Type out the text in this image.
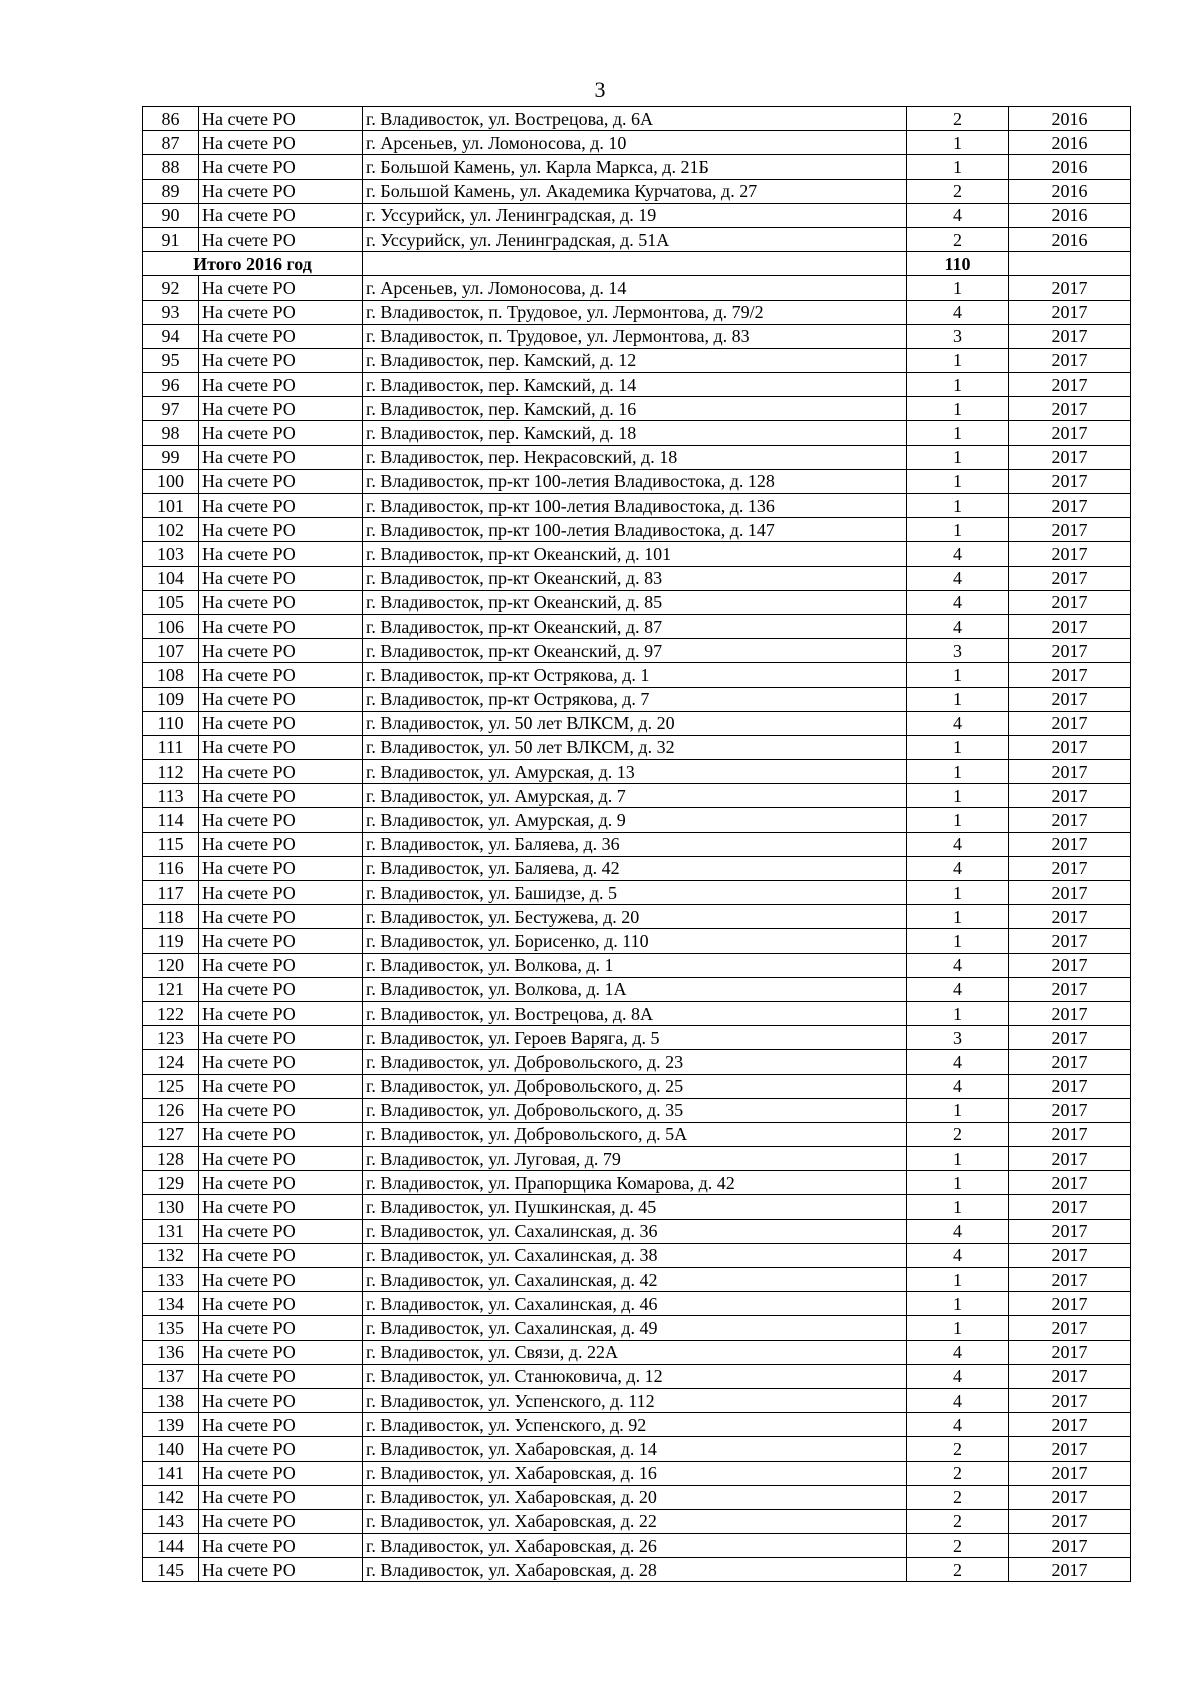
3
86	На счете РО	г. Владивосток, ул. Вострецова, д. 6А	2	2016
87	На счете РО	г. Арсеньев, ул. Ломоносова, д. 10	1	2016
88	На счете РО	г. Большой Камень, ул. Карла Маркса, д. 21Б	1	2016
89	На счете РО	г. Большой Камень, ул. Академика Курчатова, д. 27	2	2016
90	На счете РО	г. Уссурийск, ул. Ленинградская, д. 19	4	2016
91	На счете РО	г. Уссурийск, ул. Ленинградская, д. 51А	2	2016
Итого 2016 год			110	
92	На счете РО	г. Арсеньев, ул. Ломоносова, д. 14	1	2017
93	На счете РО	г. Владивосток, п. Трудовое, ул. Лермонтова, д. 79/2	4	2017
94	На счете РО	г. Владивосток, п. Трудовое, ул. Лермонтова, д. 83	3	2017
95	На счете РО	г. Владивосток, пер. Камский, д. 12	1	2017
96	На счете РО	г. Владивосток, пер. Камский, д. 14	1	2017
97	На счете РО	г. Владивосток, пер. Камский, д. 16	1	2017
98	На счете РО	г. Владивосток, пер. Камский, д. 18	1	2017
99	На счете РО	г. Владивосток, пер. Некрасовский, д. 18	1	2017
100	На счете РО	г. Владивосток, пр-кт 100-летия Владивостока, д. 128	1	2017
101	На счете РО	г. Владивосток, пр-кт 100-летия Владивостока, д. 136	1	2017
102	На счете РО	г. Владивосток, пр-кт 100-летия Владивостока, д. 147	1	2017
103	На счете РО	г. Владивосток, пр-кт Океанский, д. 101	4	2017
104	На счете РО	г. Владивосток, пр-кт Океанский, д. 83	4	2017
105	На счете РО	г. Владивосток, пр-кт Океанский, д. 85	4	2017
106	На счете РО	г. Владивосток, пр-кт Океанский, д. 87	4	2017
107	На счете РО	г. Владивосток, пр-кт Океанский, д. 97	3	2017
108	На счете РО	г. Владивосток, пр-кт Острякова, д. 1	1	2017
109	На счете РО	г. Владивосток, пр-кт Острякова, д. 7	1	2017
110	На счете РО	г. Владивосток, ул. 50 лет ВЛКСМ, д. 20	4	2017
111	На счете РО	г. Владивосток, ул. 50 лет ВЛКСМ, д. 32	1	2017
112	На счете РО	г. Владивосток, ул. Амурская, д. 13	1	2017
113	На счете РО	г. Владивосток, ул. Амурская, д. 7	1	2017
114	На счете РО	г. Владивосток, ул. Амурская, д. 9	1	2017
115	На счете РО	г. Владивосток, ул. Баляева, д. 36	4	2017
116	На счете РО	г. Владивосток, ул. Баляева, д. 42	4	2017
117	На счете РО	г. Владивосток, ул. Башидзе, д. 5	1	2017
118	На счете РО	г. Владивосток, ул. Бестужева, д. 20	1	2017
119	На счете РО	г. Владивосток, ул. Борисенко, д. 110	1	2017
120	На счете РО	г. Владивосток, ул. Волкова, д. 1	4	2017
121	На счете РО	г. Владивосток, ул. Волкова, д. 1А	4	2017
122	На счете РО	г. Владивосток, ул. Вострецова, д. 8А	1	2017
123	На счете РО	г. Владивосток, ул. Героев Варяга, д. 5	3	2017
124	На счете РО	г. Владивосток, ул. Добровольского, д. 23	4	2017
125	На счете РО	г. Владивосток, ул. Добровольского, д. 25	4	2017
126	На счете РО	г. Владивосток, ул. Добровольского, д. 35	1	2017
127	На счете РО	г. Владивосток, ул. Добровольского, д. 5А	2	2017
128	На счете РО	г. Владивосток, ул. Луговая, д. 79	1	2017
129	На счете РО	г. Владивосток, ул. Прапорщика Комарова, д. 42	1	2017
130	На счете РО	г. Владивосток, ул. Пушкинская, д. 45	1	2017
131	На счете РО	г. Владивосток, ул. Сахалинская, д. 36	4	2017
132	На счете РО	г. Владивосток, ул. Сахалинская, д. 38	4	2017
133	На счете РО	г. Владивосток, ул. Сахалинская, д. 42	1	2017
134	На счете РО	г. Владивосток, ул. Сахалинская, д. 46	1	2017
135	На счете РО	г. Владивосток, ул. Сахалинская, д. 49	1	2017
136	На счете РО	г. Владивосток, ул. Связи, д. 22А	4	2017
137	На счете РО	г. Владивосток, ул. Станюковича, д. 12	4	2017
138	На счете РО	г. Владивосток, ул. Успенского, д. 112	4	2017
139	На счете РО	г. Владивосток, ул. Успенского, д. 92	4	2017
140	На счете РО	г. Владивосток, ул. Хабаровская, д. 14	2	2017
141	На счете РО	г. Владивосток, ул. Хабаровская, д. 16	2	2017
142	На счете РО	г. Владивосток, ул. Хабаровская, д. 20	2	2017
143	На счете РО	г. Владивосток, ул. Хабаровская, д. 22	2	2017
144	На счете РО	г. Владивосток, ул. Хабаровская, д. 26	2	2017
145	На счете РО	г. Владивосток, ул. Хабаровская, д. 28	2	2017
